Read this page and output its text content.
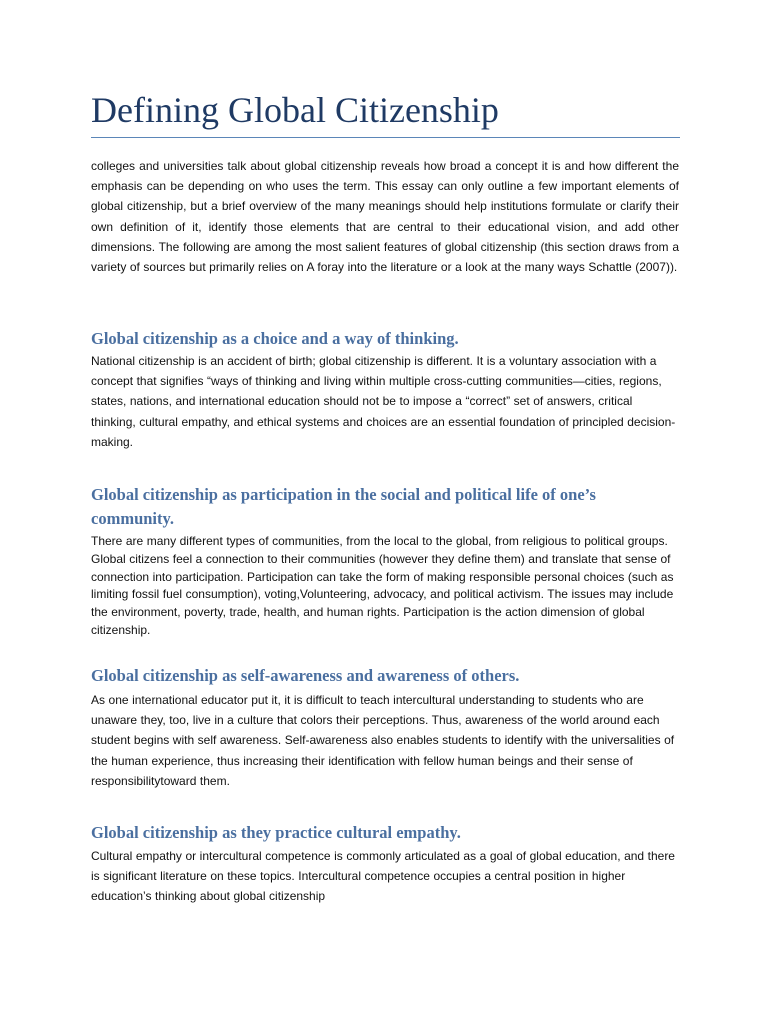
Defining Global Citizenship

colleges and universities talk about global citizenship reveals how broad a concept it is and how different the emphasis can be depending on who uses the term. This essay can only outline a few important elements of global citizenship, but a brief overview of the many meanings should help institutions formulate or clarify their own definition of it, identify those elements that are central to their educational vision, and add other dimensions. The following are among the most salient features of global citizenship (this section draws from a variety of sources but primarily relies on A foray into the literature or a look at the many ways Schattle (2007)).

Global citizenship as a choice and a way of thinking.

National citizenship is an accident of birth; global citizenship is different. It is a voluntary association with a concept that signifies “ways of thinking and living within multiple cross-cutting communities—cities, regions, states, nations, and international education should not be to impose a “correct” set of answers, critical thinking, cultural empathy, and ethical systems and choices are an essential foundation of principled decision-making.

Global citizenship as participation in the social and political life of one’s community.

There are many different types of communities, from the local to the global, from religious to political groups. Global citizens feel a connection to their communities (however they define them) and translate that sense of connection into participation. Participation can take the form of making responsible personal choices (such as limiting fossil fuel consumption), voting,Volunteering, advocacy, and political activism. The issues may include the environment, poverty, trade, health, and human rights. Participation is the action dimension of global citizenship.

Global citizenship as self-awareness and awareness of others.

As one international educator put it, it is difficult to teach intercultural understanding to students who are unaware they, too, live in a culture that colors their perceptions. Thus, awareness of the world around each student begins with self awareness. Self-awareness also enables students to identify with the universalities of the human experience, thus increasing their identification with fellow human beings and their sense of responsibilitytoward them.

Global citizenship as they practice cultural empathy.

Cultural empathy or intercultural competence is commonly articulated as a goal of global education, and there is significant literature on these topics. Intercultural competence occupies a central position in higher education’s thinking about global citizenship
